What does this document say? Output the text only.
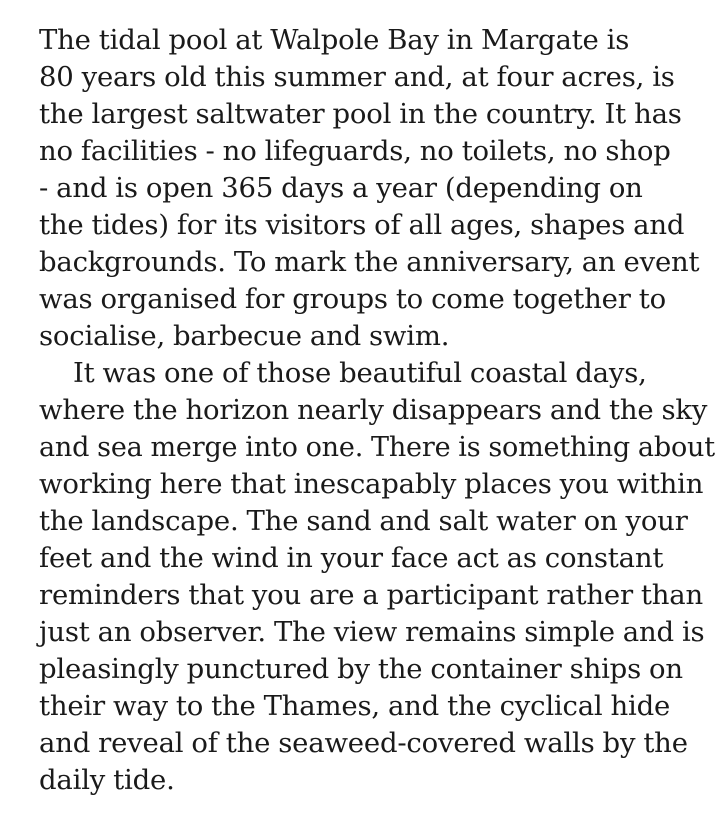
The tidal pool at Walpole Bay in Margate is
80 years old this summer and, at four acres, is
the largest saltwater pool in the country. It has
no facilities - no lifeguards, no toilets, no shop
- and is open 365 days a year (depending on
the tides) for its visitors of all ages, shapes and
backgrounds. To mark the anniversary, an event
was organised for groups to come together to
socialise, barbecue and swim.
It was one of those beautiful coastal days,
where the horizon nearly disappears and the sky
and sea merge into one. There is something about
working here that inescapably places you within
the landscape. The sand and salt water on your
feet and the wind in your face act as constant
reminders that you are a participant rather than
just an observer. The view remains simple and is
pleasingly punctured by the container ships on
their way to the Thames, and the cyclical hide
and reveal of the seaweed-covered walls by the
daily tide.
